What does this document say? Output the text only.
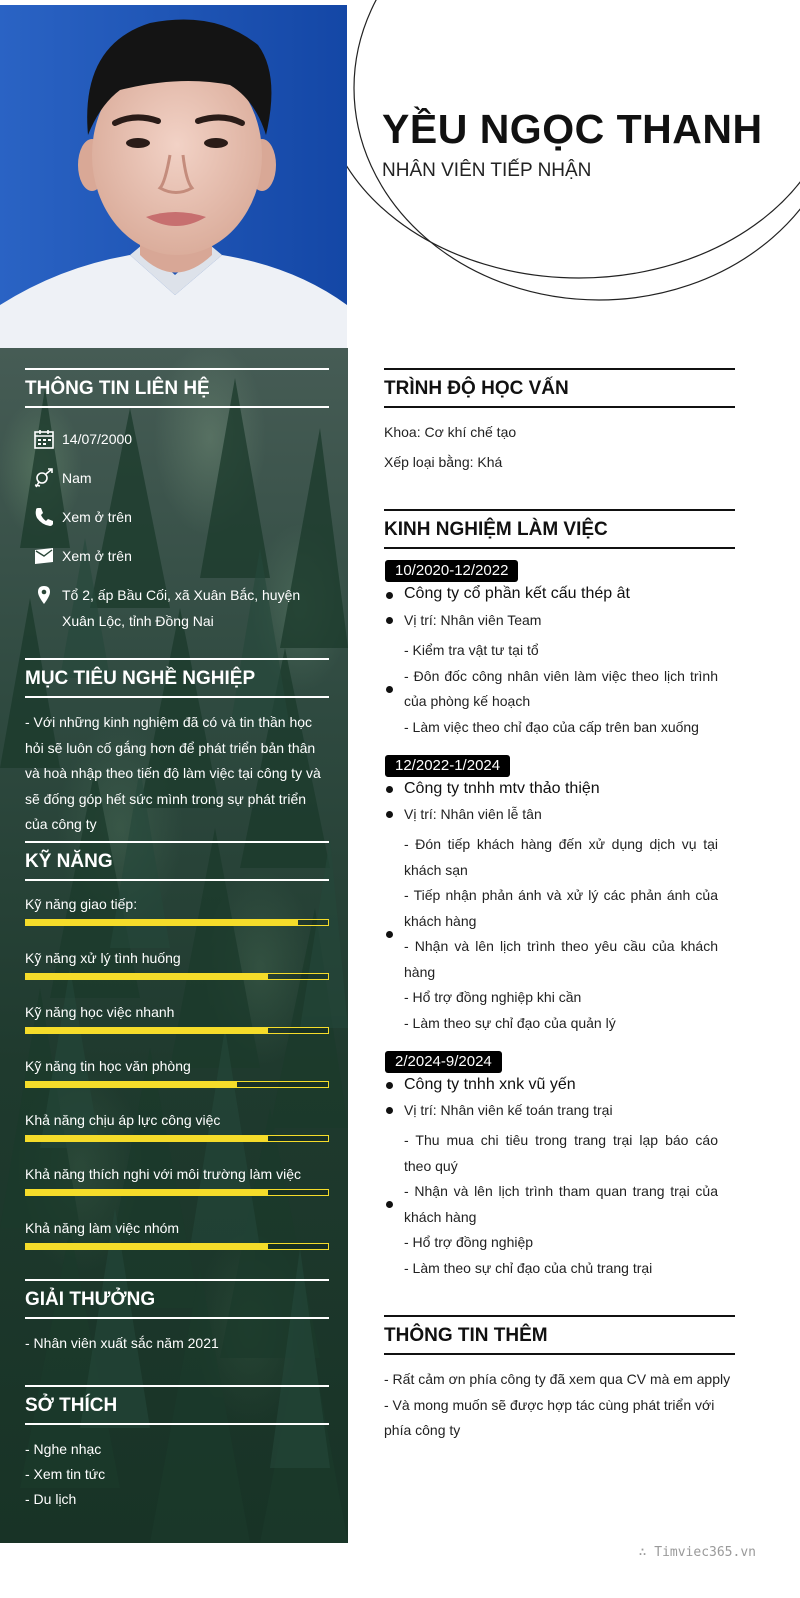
YỀU NGỌC THANH
NHÂN VIÊN TIẾP NHẬN
THÔNG TIN LIÊN HỆ
14/07/2000
Nam
Xem ở trên
Xem ở trên
Tổ 2, ấp Bầu Cối, xã Xuân Bắc, huyện Xuân Lộc, tỉnh Đồng Nai
MỤC TIÊU NGHỀ NGHIỆP
- Với những kinh nghiệm đã có và tin thần học hỏi sẽ luôn cố gắng hơn để phát triển bản thân và hoà nhập theo tiến độ làm việc tại công ty và sẽ đống góp hết sức mình trong sự phát triển của công ty
KỸ NĂNG
Kỹ năng giao tiếp:
Kỹ năng xử lý tình huống
Kỹ năng học việc nhanh
Kỹ năng tin học văn phòng
Khả năng chịu áp lực công việc
Khả năng thích nghi với môi trường làm việc
Khả năng làm việc nhóm
GIẢI THƯỞNG
- Nhân viên xuất sắc năm 2021
SỞ THÍCH
- Nghe nhạc
- Xem tin tức
- Du lịch
TRÌNH ĐỘ HỌC VẤN
Khoa: Cơ khí chế tạo
Xếp loại bằng: Khá
KINH NGHIỆM LÀM VIỆC
10/2020-12/2022
Công ty cổ phần kết cấu thép ât
Vị trí: Nhân viên Team
- Kiểm tra vật tư tại tổ
- Đôn đốc công nhân viên làm việc theo lịch trình của phòng kế hoạch
- Làm việc theo chỉ đạo của cấp trên ban xuống
12/2022-1/2024
Công ty tnhh mtv thảo thiện
Vị trí: Nhân viên lễ tân
- Đón tiếp khách hàng đến xử dụng dịch vụ tại khách sạn
- Tiếp nhận phản ánh và xử lý các phản ánh của khách hàng
- Nhận và lên lịch trình theo yêu cầu của khách hàng
- Hổ trợ đồng nghiệp khi cần
- Làm theo sự chỉ đạo của quản lý
2/2024-9/2024
Công ty tnhh xnk vũ yến
Vị trí: Nhân viên kế toán trang trại
- Thu mua chi tiêu trong trang trại lạp báo cáo theo quý
- Nhận và lên lịch trình tham quan trang trại của khách hàng
- Hổ trợ đồng nghiệp
- Làm theo sự chỉ đạo của chủ trang trại
THÔNG TIN THÊM
- Rất cảm ơn phía công ty đã xem qua CV mà em apply
- Và mong muốn sẽ được hợp tác cùng phát triển với phía công ty
∴ Timviec365.vn
